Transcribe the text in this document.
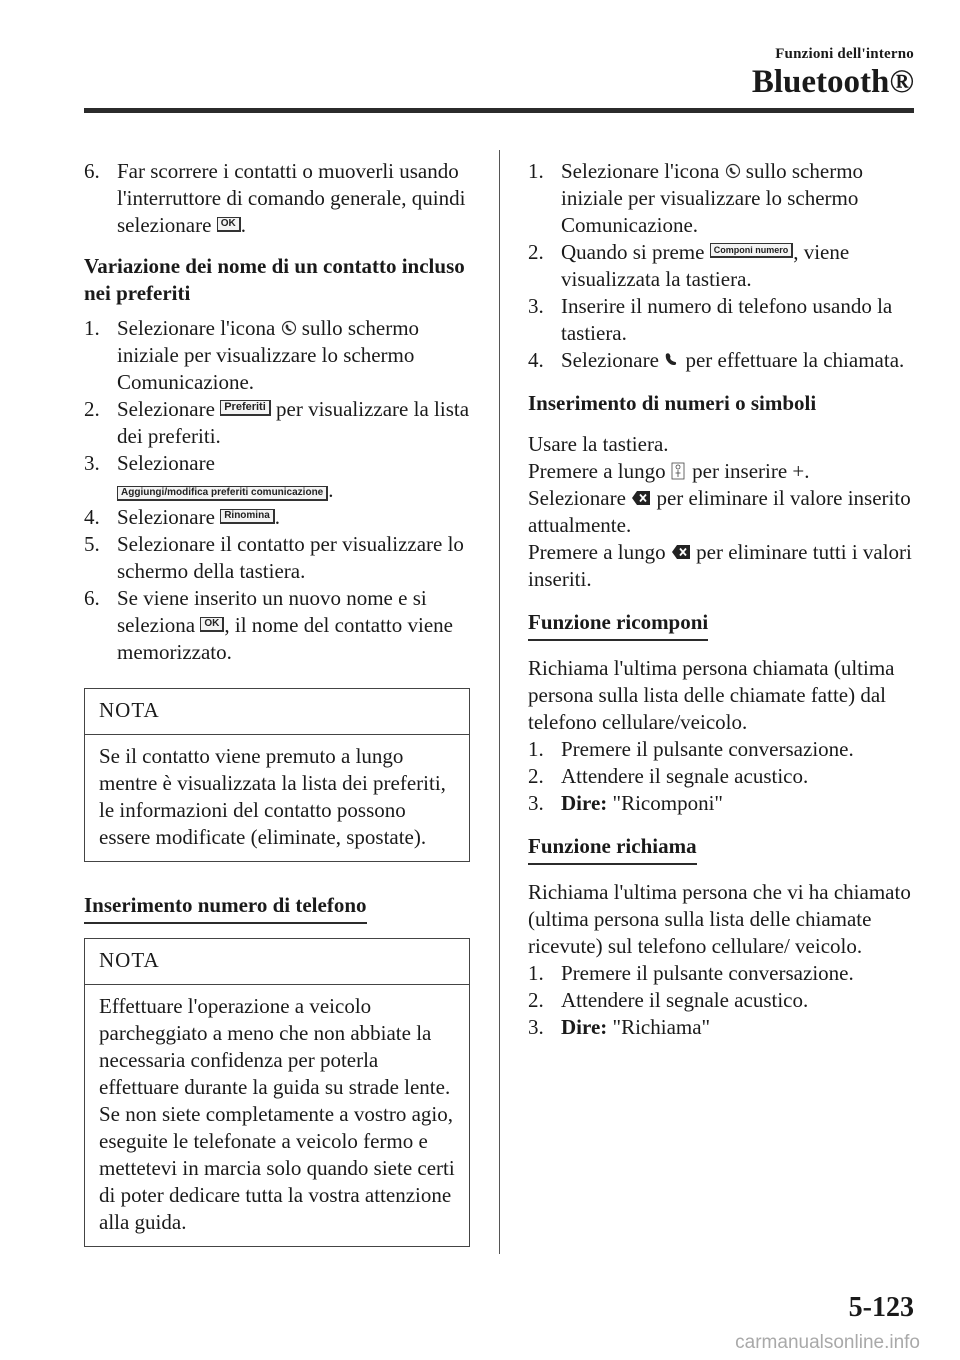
Funzioni dell'interno
Bluetooth®
6. Far scorrere i contatti o muoverli usando l'interruttore di comando generale, quindi selezionare OK .

Variazione dei nome di un contatto incluso nei preferiti

1. Selezionare l'icona  sullo schermo iniziale per visualizzare lo schermo Comunicazione.
2. Selezionare Preferiti per visualizzare la lista dei preferiti.
3. Selezionare
Aggiungi/modifica preferiti comunicazione .
4. Selezionare Rinomina .
5. Selezionare il contatto per visualizzare lo schermo della tastiera.
6. Se viene inserito un nuovo nome e si seleziona OK , il nome del contatto viene memorizzato.
NOTA
Se il contatto viene premuto a lungo mentre è visualizzata la lista dei preferiti, le informazioni del contatto possono essere modificate (eliminate, spostate).
Inserimento numero di telefono
NOTA
Effettuare l'operazione a veicolo parcheggiato a meno che non abbiate la necessaria confidenza per poterla effettuare durante la guida su strade lente. Se non siete completamente a vostro agio, eseguite le telefonate a veicolo fermo e mettetevi in marcia solo quando siete certi di poter dedicare tutta la vostra attenzione alla guida.
1. Selezionare l'icona  sullo schermo iniziale per visualizzare lo schermo Comunicazione.
2. Quando si preme Componi numero , viene visualizzata la tastiera.
3. Inserire il numero di telefono usando la tastiera.
4. Selezionare  per effettuare la chiamata.

Inserimento di numeri o simboli

Usare la tastiera.

Premere a lungo  per inserire +.

Selezionare  per eliminare il valore inserito attualmente.

Premere a lungo  per eliminare tutti i valori inseriti.

Funzione ricomponi

Richiama l'ultima persona chiamata (ultima persona sulla lista delle chiamate fatte) dal telefono cellulare/veicolo.

1. Premere il pulsante conversazione.
2. Attendere il segnale acustico.
3. Dire: "Ricomponi"
Funzione richiama

Richiama l'ultima persona che vi ha chiamato (ultima persona sulla lista delle chiamate ricevute) sul telefono cellulare/ veicolo.

1. Premere il pulsante conversazione.
2. Attendere il segnale acustico.
3. Dire: "Richiama"
5-123
carmanualsonline.info
